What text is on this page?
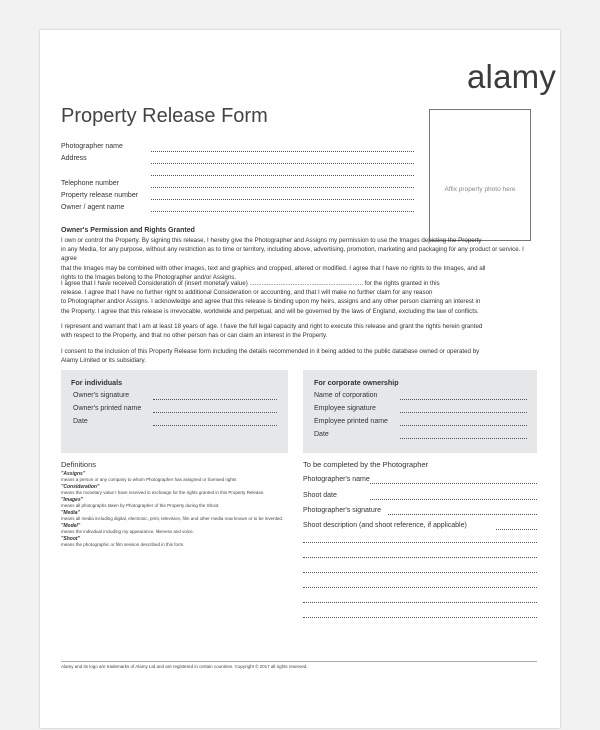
alamy
Property Release Form
Affix property photo here
Photographer name
Address
Telephone number
Property release number
Owner / agent name
Owner's Permission and Rights Granted
I own or control the Property. By signing this release, I hereby give the Photographer and Assigns my permission to use the Images depicting the Property
in any Media, for any purpose, without any restriction as to time or territory, including above, advertising, promotion, marketing and packaging for any product or service. I agree
that the Images may be combined with other images, text and graphics and cropped, altered or modified. I agree that I have no rights to the Images, and all
rights to the Images belong to the Photographer and/or Assigns.
I agree that I have received Consideration of (insert monetary value) .................................................................. for the rights granted in this
release. I agree that I have no further right to additional Consideration or accounting, and that I will make no further claim for any reason
to Photographer and/or Assigns. I acknowledge and agree that this release is binding upon my heirs, assigns and any other person claiming an interest in
the Property. I agree that this release is irrevocable, worldwide and perpetual, and will be governed by the laws of England, excluding the law of conflicts.
I represent and warrant that I am at least 18 years of age. I have the full legal capacity and right to execute this release and grant the rights herein granted
with respect to the Property, and that no other person has or can claim an interest in the Property.
I consent to the inclusion of this Property Release form including the details recommended in it being added to the public database owned or operated by
Alamy Limited or its subsidiary.
For individuals
Owner's signature
Owner's printed name
Date
For corporate ownership
Name of corporation
Employee signature
Employee printed name
Date
Definitions
"Assigns"
means a person or any company to whom Photographer has assigned or licensed rights
"Consideration"
means the monetary value I have received in exchange for the rights granted in this Property Release.
"Images"
means all photographs taken by Photographer of the Property during the Shoot.
"Media"
means all media including digital, electronic, print, television, film and other media now known or to be invented.
"Model"
means the individual including my appearance, likeness and voice.
"Shoot"
means the photographic or film session described in this form.
To be completed by the Photographer
Photographer's name
Shoot date
Photographer's signature
Shoot description (and shoot reference, if applicable)
Alamy and its logo are trademarks of Alamy Ltd and are registered in certain countries. Copyright © 2017 all rights reserved.
